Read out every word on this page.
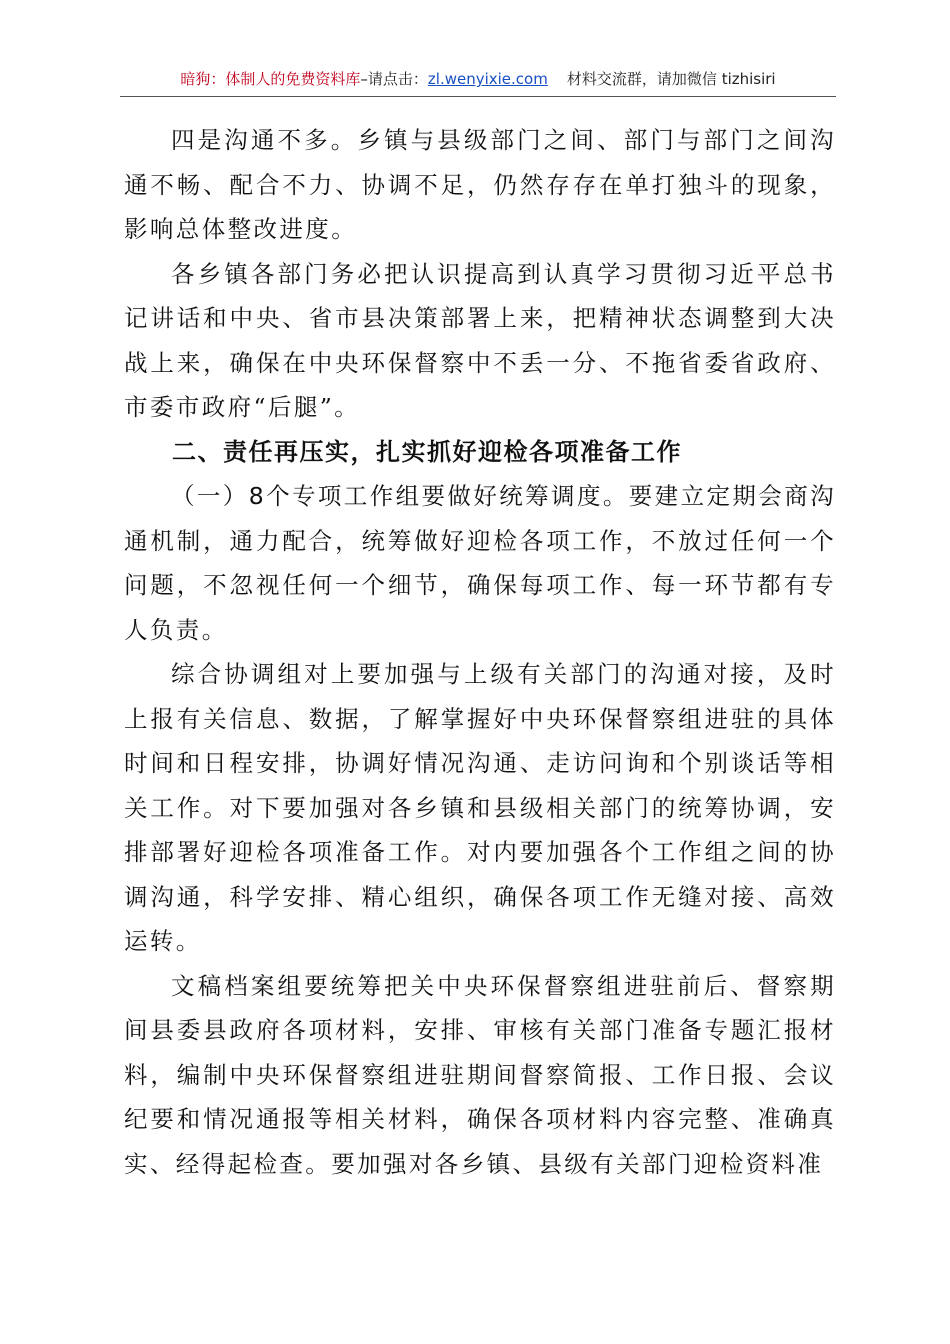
暗狗：体制人的免费资料库–请点击：zl.wenyixie.com 材料交流群，请加微信 tizhisiri

四是沟通不多。乡镇与县级部门之间、部门与部门之间沟通不畅、配合不力、协调不足，仍然存存在单打独斗的现象，影响总体整改进度。

各乡镇各部门务必把认识提高到认真学习贯彻习近平总书记讲话和中央、省市县决策部署上来，把精神状态调整到大决战上来，确保在中央环保督察中不丢一分、不拖省委省政府、市委市政府“后腿”。

二、责任再压实，扎实抓好迎检各项准备工作

（一）8个专项工作组要做好统筹调度。要建立定期会商沟通机制，通力配合，统筹做好迎检各项工作，不放过任何一个问题，不忽视任何一个细节，确保每项工作、每一环节都有专人负责。

综合协调组对上要加强与上级有关部门的沟通对接，及时上报有关信息、数据，了解掌握好中央环保督察组进驻的具体时间和日程安排，协调好情况沟通、走访问询和个别谈话等相关工作。对下要加强对各乡镇和县级相关部门的统筹协调，安排部署好迎检各项准备工作。对内要加强各个工作组之间的协调沟通，科学安排、精心组织，确保各项工作无缝对接、高效运转。

文稿档案组要统筹把关中央环保督察组进驻前后、督察期间县委县政府各项材料，安排、审核有关部门准备专题汇报材料，编制中央环保督察组进驻期间督察简报、工作日报、会议纪要和情况通报等相关材料，确保各项材料内容完整、准确真实、经得起检查。要加强对各乡镇、县级有关部门迎检资料准
